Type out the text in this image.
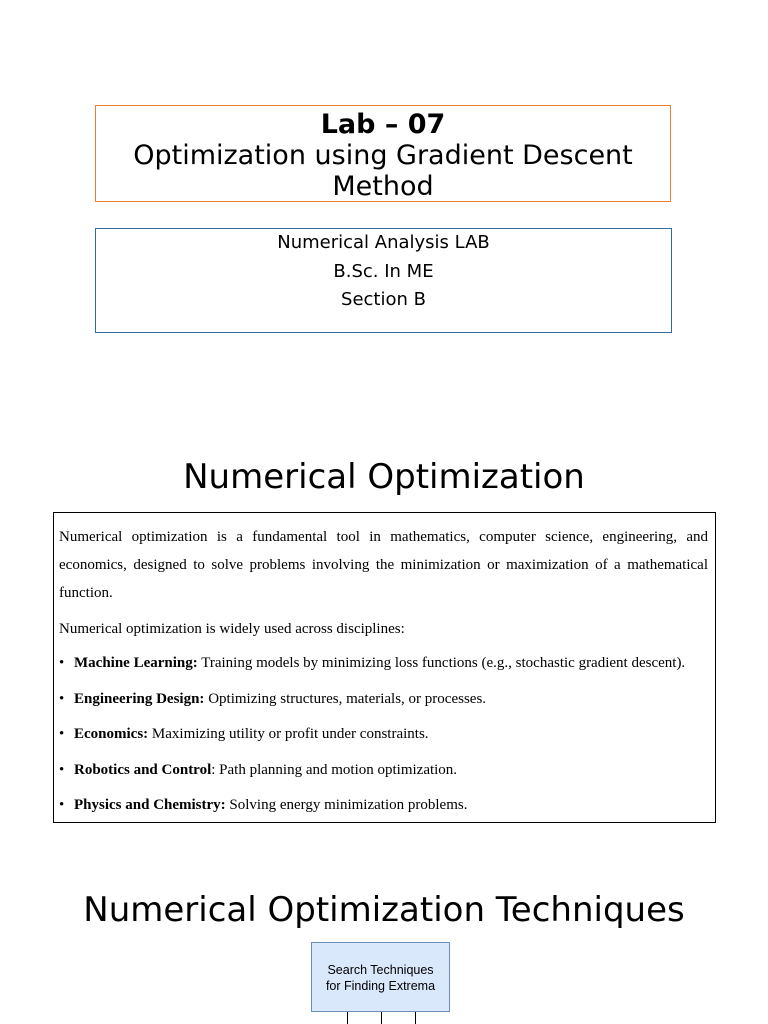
Lab – 07
Optimization using Gradient Descent
Method
Numerical Analysis LAB
B.Sc. In ME
Section B
Numerical Optimization

Numerical optimization is a fundamental tool in mathematics, computer science, engineering, and economics, designed to solve problems involving the minimization or maximization of a mathematical function.

Numerical optimization is widely used across disciplines:

• Machine Learning: Training models by minimizing loss functions (e.g., stochastic gradient descent).
• Engineering Design: Optimizing structures, materials, or processes.
• Economics: Maximizing utility or profit under constraints.
• Robotics and Control: Path planning and motion optimization.
• Physics and Chemistry: Solving energy minimization problems.
Numerical Optimization Techniques
Search Techniques
for Finding Extrema
